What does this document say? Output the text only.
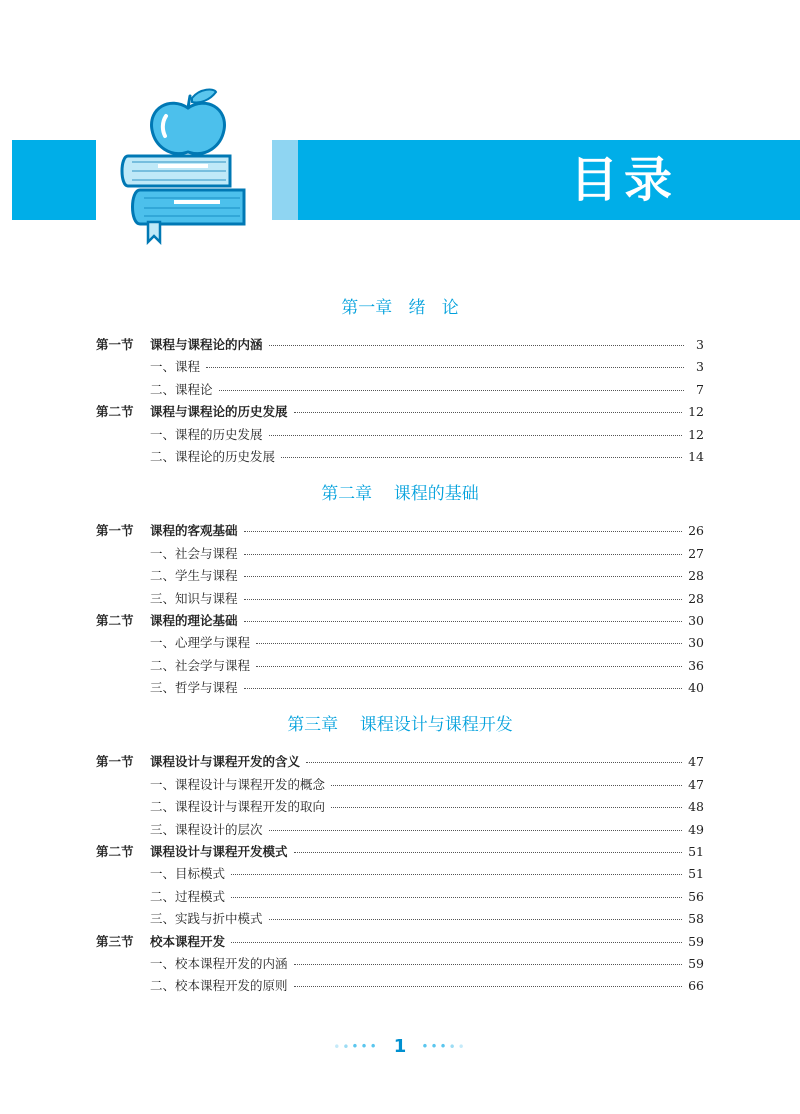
目录
第一章   绪   论
第一节	课程与课程论的内涵	3
一、课程	3
二、课程论	7
第二节	课程与课程论的历史发展	12
一、课程的历史发展	12
二、课程论的历史发展	14
第二章    课程的基础
第一节	课程的客观基础	26
一、社会与课程	27
二、学生与课程	28
三、知识与课程	28
第二节	课程的理论基础	30
一、心理学与课程	30
二、社会学与课程	36
三、哲学与课程	40
第三章    课程设计与课程开发
第一节	课程设计与课程开发的含义	47
一、课程设计与课程开发的概念	47
二、课程设计与课程开发的取向	48
三、课程设计的层次	49
第二节	课程设计与课程开发模式	51
一、目标模式	51
二、过程模式	56
三、实践与折中模式	58
第三节	校本课程开发	59
一、校本课程开发的内涵	59
二、校本课程开发的原则	66
••••• 1 •••••
